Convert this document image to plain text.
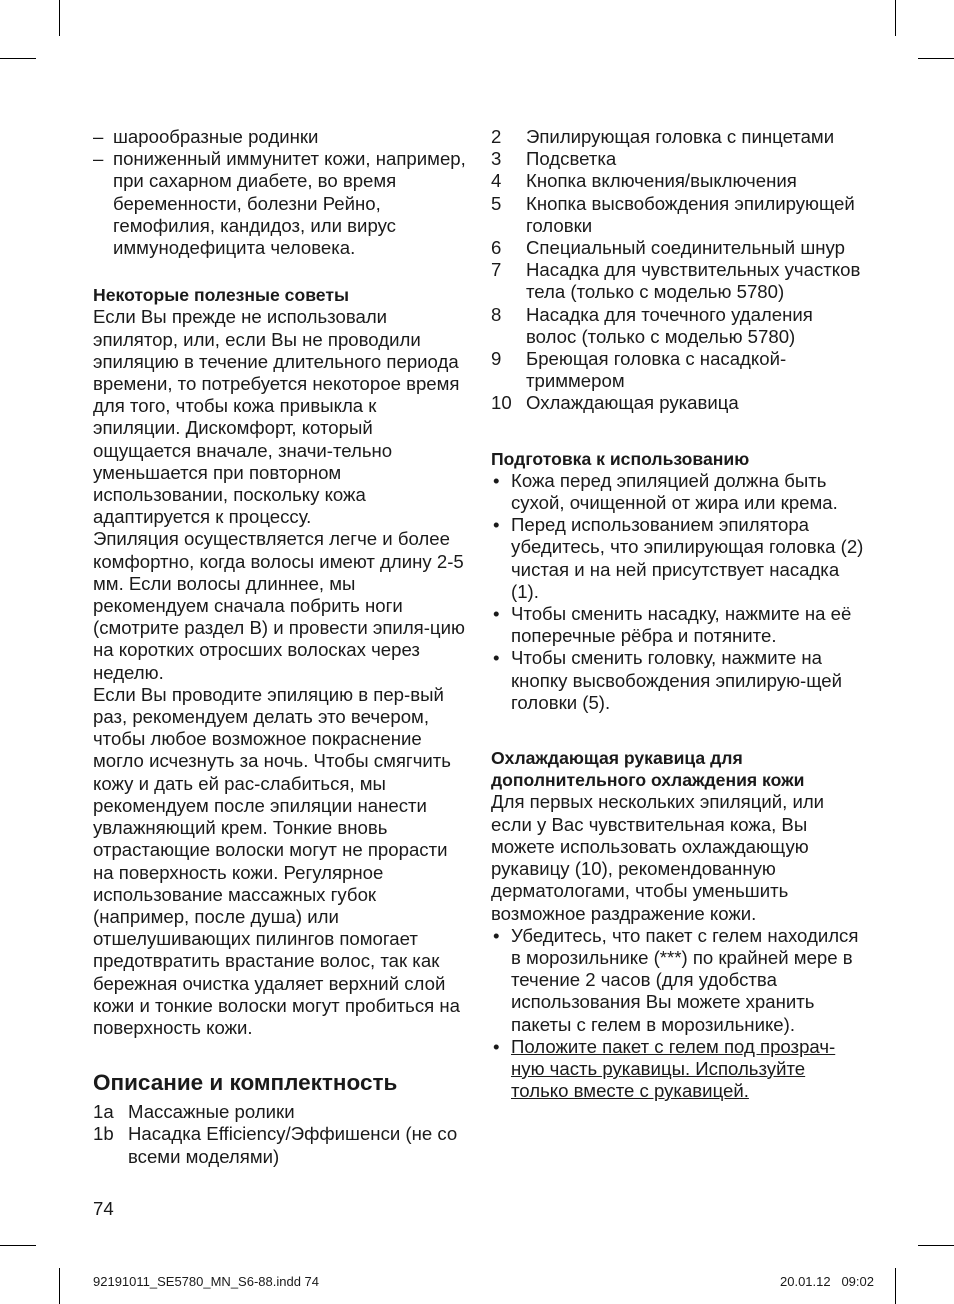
– шарообразные родинки
– пониженный иммунитет кожи, например, при сахарном диабете, во время беременности, болезни Рейно, гемофилия, кандидоз, или вирус иммунодефицита человека.

Некоторые полезные советы

Если Вы прежде не использовали эпилятор, или, если Вы не проводили эпиляцию в течение длительного периода времени, то потребуется некоторое время для того, чтобы кожа привыкла к эпиляции. Дискомфорт, который ощущается вначале, значи-тельно уменьшается при повторном использовании, поскольку кожа адаптируется к процессу.

Эпиляция осуществляется легче и более комфортно, когда волосы имеют длину 2-5 мм. Если волосы длиннее, мы рекомендуем сначала побрить ноги (смотрите раздел B) и провести эпиля-цию на коротких отросших волосках через неделю.

Если Вы проводите эпиляцию в пер-вый раз, рекомендуем делать это вечером, чтобы любое возможное покраснение могло исчезнуть за ночь. Чтобы смягчить кожу и дать ей рас-слабиться, мы рекомендуем после эпиляции нанести увлажняющий крем. Тонкие вновь отрастающие волоски могут не прорасти на поверхность кожи. Регулярное использование массажных губок (например, после душа) или отшелушивающих пилингов помогает предотвратить врастание волос, так как бережная очистка удаляет верхний слой кожи и тонкие волоски могут пробиться на поверхность кожи.

Описание и комплектность
1a Массажные ролики
1b Насадка Efficiency/Эффишенси (не со всеми моделями)
2	Эпилирующая головка с пинцетами
3	Подсветка
4	Кнопка включения/выключения
5	Кнопка высвобождения эпилирующей головки
6	Специальный соединительный шнур
7	Насадка для чувствительных участков тела (только с моделью 5780)
8	Насадка для точечного удаления волос (только с моделью 5780)
9	Бреющая головка с насадкой-триммером
10 Охлаждающая рукавица

Подготовка к использованию

• Кожа перед эпиляцией должна быть сухой, очищенной от жира или крема.
• Перед использованием эпилятора убедитесь, что эпилирующая головка (2) чистая и на ней присутствует насадка (1).
• Чтобы сменить насадку, нажмите на её поперечные рёбра и потяните.
• Чтобы сменить головку, нажмите на кнопку высвобождения эпилирую-щей головки (5).

Охлаждающая рукавица для
дополнительного охлаждения кожи

Для первых нескольких эпиляций, или если у Вас чувствительная кожа, Вы можете использовать охлаждающую рукавицу (10), рекомендованную дерматологами, чтобы уменьшить возможное раздражение кожи.

• Убедитесь, что пакет с гелем находился в морозильнике (***) по крайней мере в течение 2 часов (для удобства использования Вы можете хранить пакеты с гелем в морозильнике).
• Положите пакет с гелем под прозрач-ную часть рукавицы. Используйте только вместе с рукавицей.
74
92191011_SE5780_MN_S6-88.indd 74	20.01.12   09:02
